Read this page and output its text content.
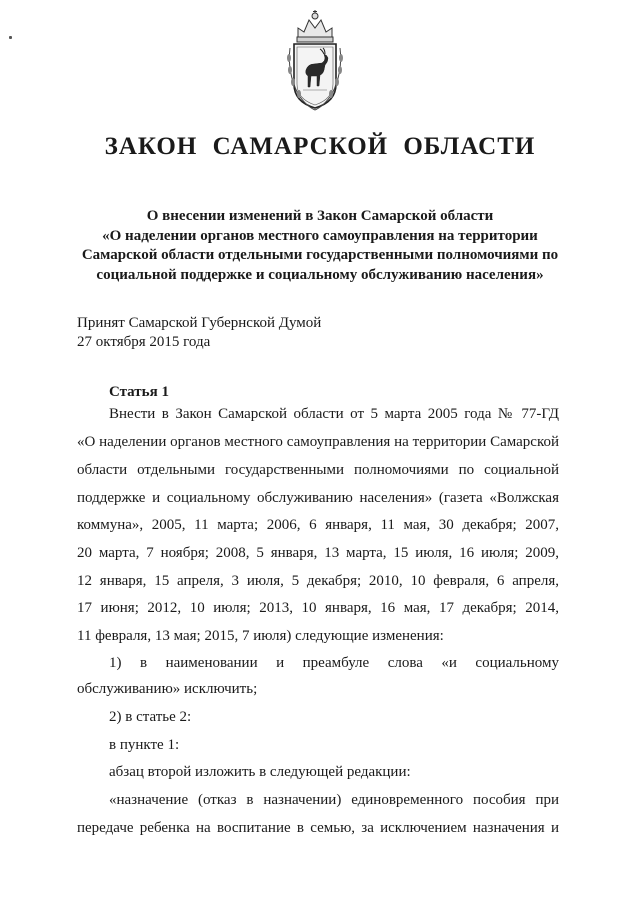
ЗАКОН САМАРСКОЙ ОБЛАСТИ
О внесении изменений в Закон Самарской области
«О наделении органов местного самоуправления на территории
Самарской области отдельными государственными полномочиями по
социальной поддержке и социальному обслуживанию населения»
Принят Самарской Губернской Думой
27 октября 2015 года
Статья 1
Внести в Закон Самарской области от 5 марта 2005 года № 77-ГД
«О наделении органов местного самоуправления на территории Самарской
области отдельными государственными полномочиями по социальной
поддержке и социальному обслуживанию населения» (газета «Волжская
коммуна», 2005, 11 марта; 2006, 6 января, 11 мая, 30 декабря; 2007,
20 марта, 7 ноября; 2008, 5 января, 13 марта, 15 июля, 16 июля; 2009,
12 января, 15 апреля, 3 июля, 5 декабря; 2010, 10 февраля, 6 апреля,
17 июня; 2012, 10 июля; 2013, 10 января, 16 мая, 17 декабря; 2014,
11 февраля, 13 мая; 2015, 7 июля) следующие изменения:
1) в наименовании и преамбуле слова «и социальному
обслуживанию» исключить;
2) в статье 2:
в пункте 1:
абзац второй изложить в следующей редакции:
«назначение (отказ в назначении) единовременного пособия при
передаче ребенка на воспитание в семью, за исключением назначения и
